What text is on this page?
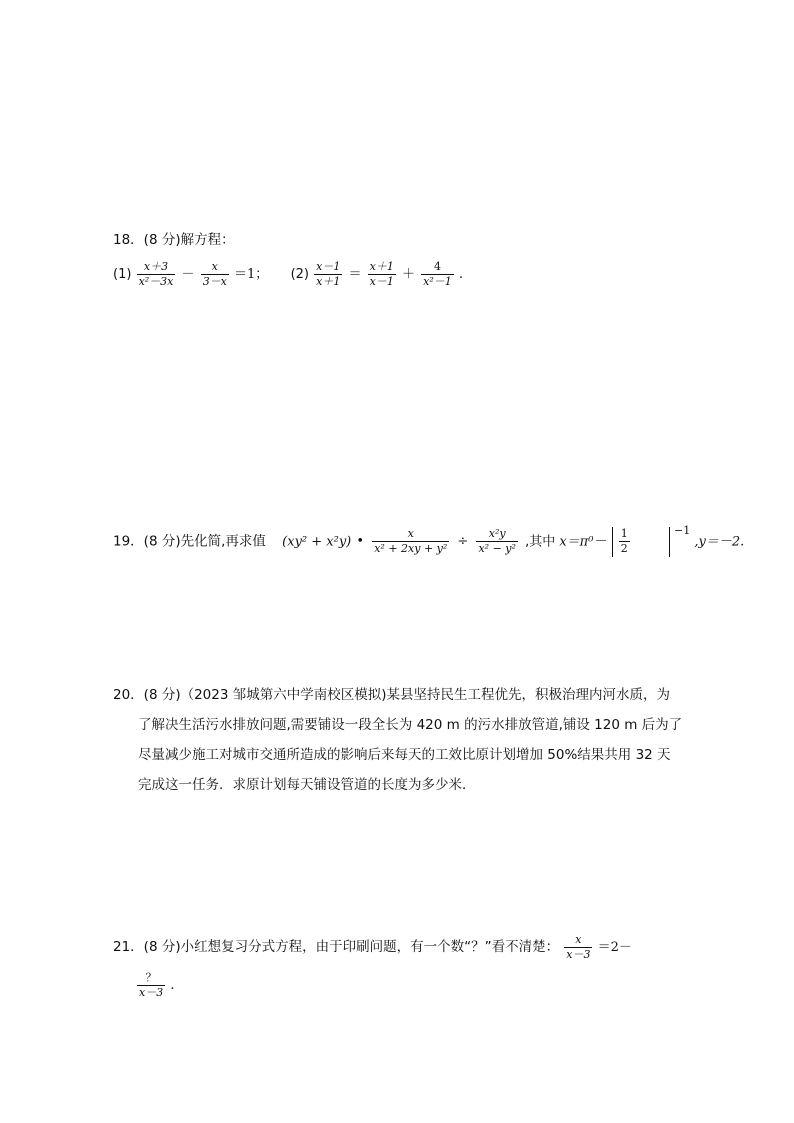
18．(8 分)解方程：
$(1) \frac{x+3}{\text{x²－3x}} - \frac{x}{3-x} =1$； $(2) \frac{x-1}{x+1} = \frac{x+1}{x-1} + \frac{4}{\text{x²－1}}$ .
19．(8 分)先化简,再求值 (xy² + x²y) • $\frac{x}{\text{x² + 2xy + y²}} \div \frac{\text{x²y}}{\text{x² − y²}}$ ,其中 $x=\pi^0- \frac{1}{2}$	$^{-1}$ ,y＝－2.
20．(8 分)（2023 邹城第六中学南校区模拟)某县坚持民生工程优先，积极治理内河水质，为
了解决生活污水排放问题,需要铺设一段全长为 420 m 的污水排放管道,铺设 120 m 后为了
尽量减少施工对城市交通所造成的影响后来每天的工效比原计划增加 50%结果共用 32 天
完成这一任务．求原计划每天铺设管道的长度为多少米．
21．(8 分)小红想复习分式方程，由于印刷问题，有一个数“？”看不清楚： $\frac{x}{x-3} =2-$
$\frac{?}{x-3}$ .
